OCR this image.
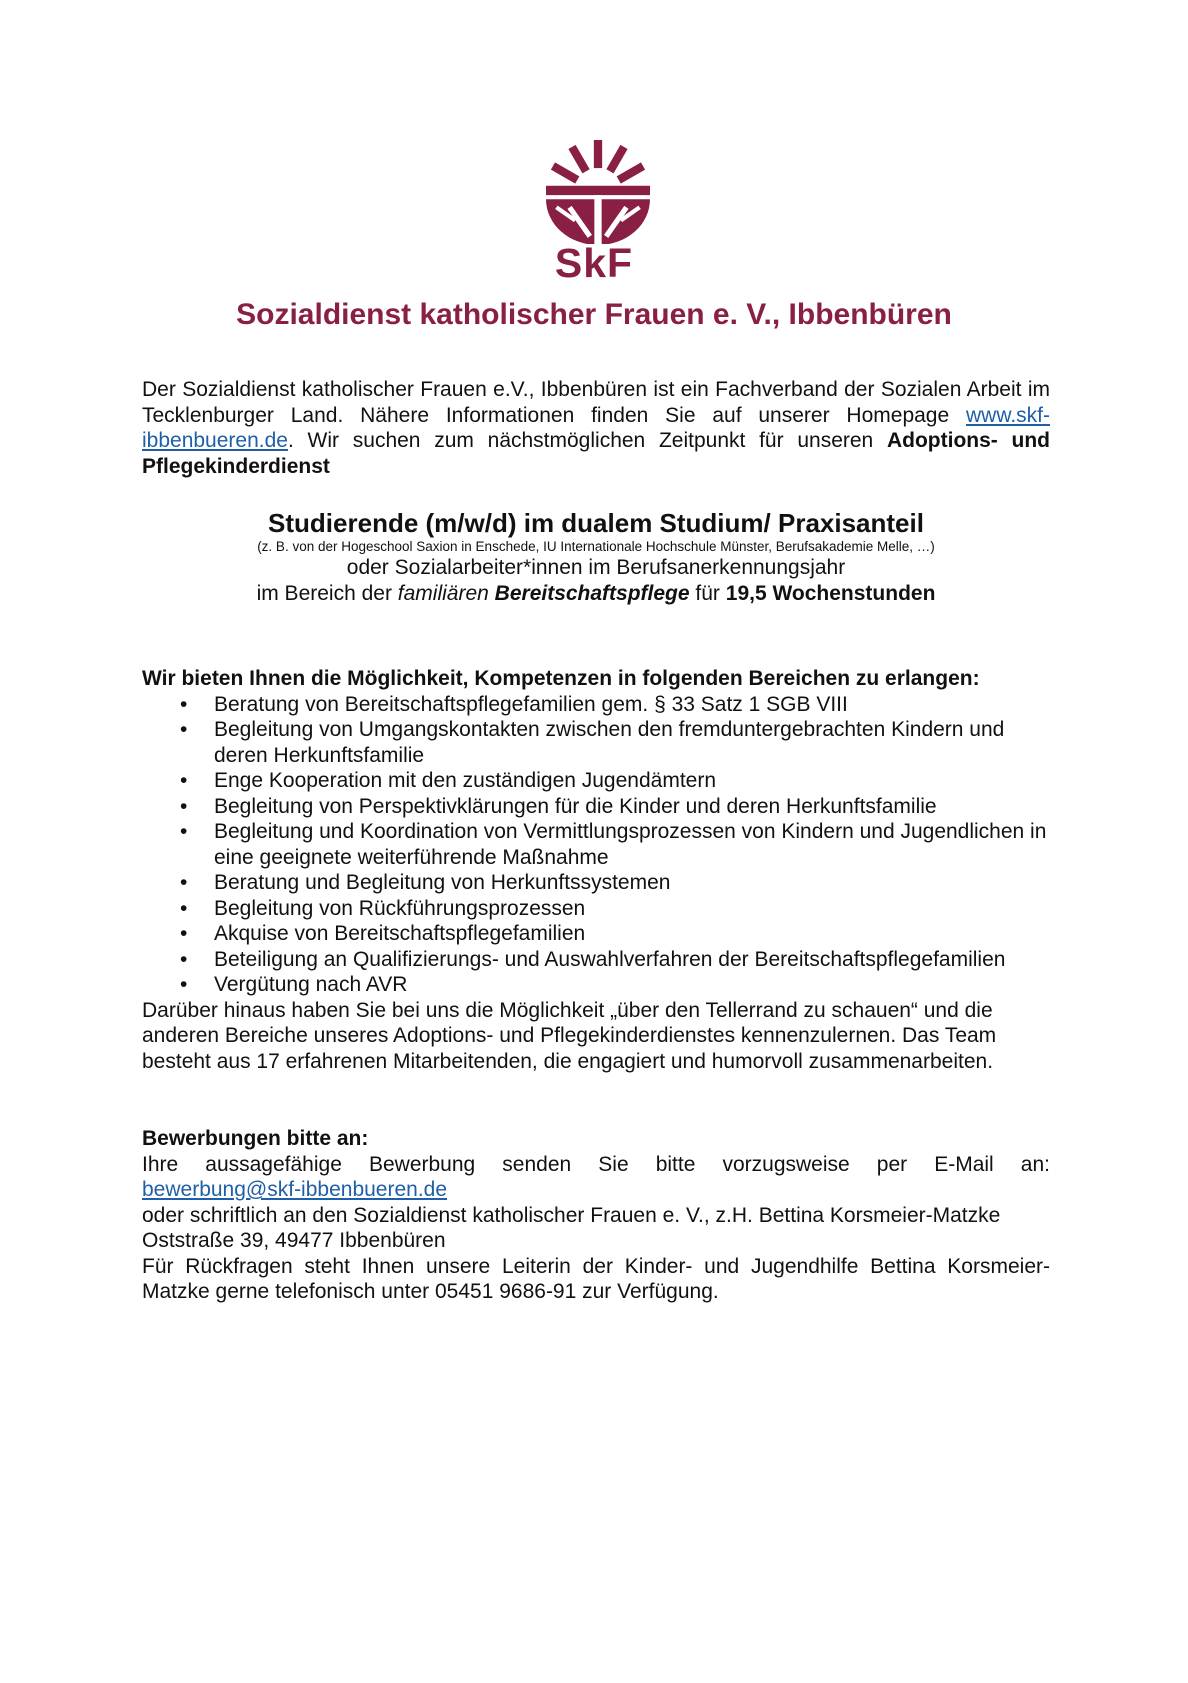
SkF
Sozialdienst katholischer Frauen e. V., Ibbenbüren

Der Sozialdienst katholischer Frauen e.V., Ibbenbüren ist ein Fachverband der Sozialen Arbeit im Tecklenburger Land. Nähere Informationen finden Sie auf unserer Homepage www.skf-ibbenbueren.de. Wir suchen zum nächstmöglichen Zeitpunkt für unseren Adoptions- und Pflegekinderdienst

Studierende (m/w/d) im dualem Studium/ Praxisanteil
(z. B. von der Hogeschool Saxion in Enschede, IU Internationale Hochschule Münster, Berufsakademie Melle, …)
oder Sozialarbeiter*innen im Berufsanerkennungsjahr
im Bereich der familiären Bereitschaftspflege für 19,5 Wochenstunden
Wir bieten Ihnen die Möglichkeit, Kompetenzen in folgenden Bereichen zu erlangen:
• Beratung von Bereitschaftspflegefamilien gem. § 33 Satz 1 SGB VIII
• Begleitung von Umgangskontakten zwischen den fremduntergebrachten Kindern und deren Herkunftsfamilie
• Enge Kooperation mit den zuständigen Jugendämtern
• Begleitung von Perspektivklärungen für die Kinder und deren Herkunftsfamilie
• Begleitung und Koordination von Vermittlungsprozessen von Kindern und Jugendlichen in eine geeignete weiterführende Maßnahme
• Beratung und Begleitung von Herkunftssystemen
• Begleitung von Rückführungsprozessen
• Akquise von Bereitschaftspflegefamilien
• Beteiligung an Qualifizierungs- und Auswahlverfahren der Bereitschaftspflegefamilien
• Vergütung nach AVR

Darüber hinaus haben Sie bei uns die Möglichkeit „über den Tellerrand zu schauen“ und die anderen Bereiche unseres Adoptions- und Pflegekinderdienstes kennenzulernen. Das Team besteht aus 17 erfahrenen Mitarbeitenden, die engagiert und humorvoll zusammenarbeiten.

Bewerbungen bitte an:
Ihre aussagefähige Bewerbung senden Sie bitte vorzugsweise per E-Mail an:
bewerbung@skf-ibbenbueren.de
oder schriftlich an den Sozialdienst katholischer Frauen e. V., z.H. Bettina Korsmeier-Matzke
Oststraße 39, 49477 Ibbenbüren

Für Rückfragen steht Ihnen unsere Leiterin der Kinder- und Jugendhilfe Bettina Korsmeier-Matzke gerne telefonisch unter 05451 9686-91 zur Verfügung.
